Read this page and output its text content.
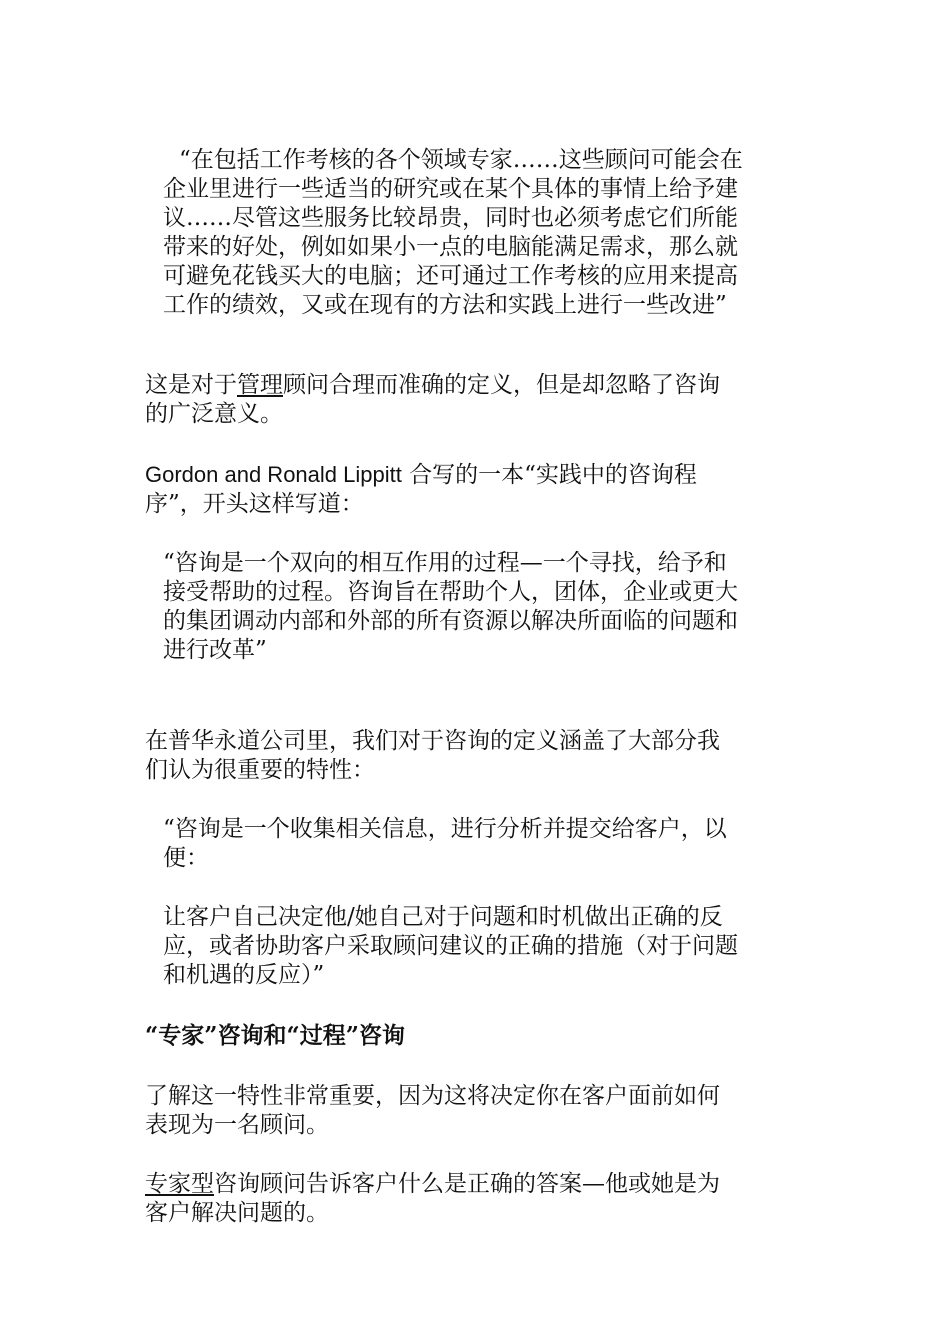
“在包括工作考核的各个领域专家……这些顾问可能会在
企业里进行一些适当的研究或在某个具体的事情上给予建
议……尽管这些服务比较昂贵，同时也必须考虑它们所能
带来的好处，例如如果小一点的电脑能满足需求，那么就
可避免花钱买大的电脑；还可通过工作考核的应用来提高
工作的绩效，又或在现有的方法和实践上进行一些改进”
这是对于管理顾问合理而准确的定义，但是却忽略了咨询
的广泛意义。
Gordon and Ronald Lippitt 合写的一本“实践中的咨询程
序”，开头这样写道：
“咨询是一个双向的相互作用的过程—一个寻找，给予和
接受帮助的过程。咨询旨在帮助个人，团体，企业或更大
的集团调动内部和外部的所有资源以解决所面临的问题和
进行改革”
在普华永道公司里，我们对于咨询的定义涵盖了大部分我
们认为很重要的特性：
“咨询是一个收集相关信息，进行分析并提交给客户，以
便：
让客户自己决定他/她自己对于问题和时机做出正确的反
应，或者协助客户采取顾问建议的正确的措施（对于问题
和机遇的反应）”
“专家”咨询和“过程”咨询
了解这一特性非常重要，因为这将决定你在客户面前如何
表现为一名顾问。
专家型咨询顾问告诉客户什么是正确的答案—他或她是为
客户解决问题的。
